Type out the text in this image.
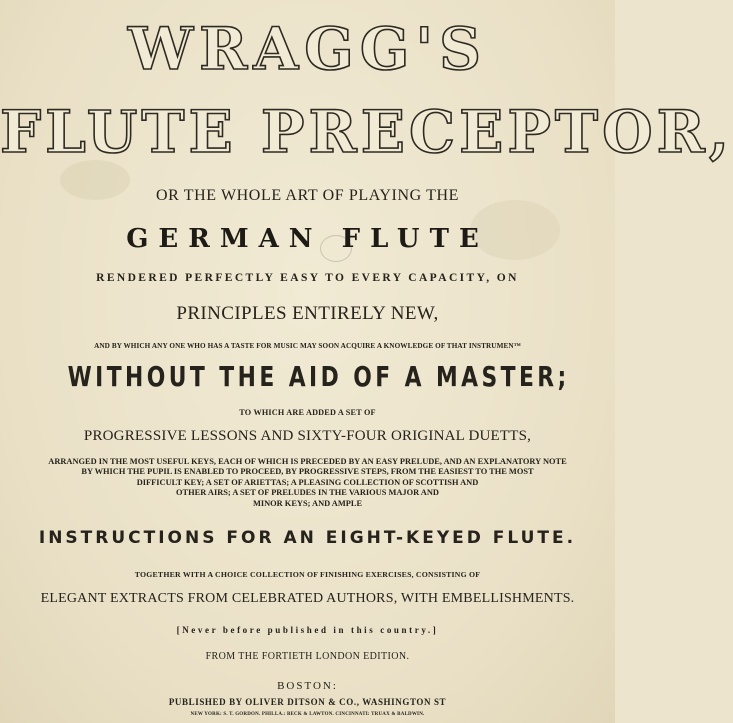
WRAGG'S
FLUTE PRECEPTOR,
OR THE WHOLE ART OF PLAYING THE
GERMAN FLUTE
RENDERED PERFECTLY EASY TO EVERY CAPACITY, ON
PRINCIPLES ENTIRELY NEW,
AND BY WHICH ANY ONE WHO HAS A TASTE FOR MUSIC MAY SOON ACQUIRE A KNOWLEDGE OF THAT INSTRUMEN™
WITHOUT THE AID OF A MASTER;
TO WHICH ARE ADDED A SET OF
PROGRESSIVE LESSONS AND SIXTY-FOUR ORIGINAL DUETTS,
ARRANGED IN THE MOST USEFUL KEYS, EACH OF WHICH IS PRECEDED BY AN EASY PRELUDE, AND AN EXPLANATORY NOTE
BY WHICH THE PUPIL IS ENABLED TO PROCEED, BY PROGRESSIVE STEPS, FROM THE EASIEST TO THE MOST
DIFFICULT KEY; A SET OF ARIETTAS; A PLEASING COLLECTION OF SCOTTISH AND
OTHER AIRS; A SET OF PRELUDES IN THE VARIOUS MAJOR AND
MINOR KEYS; AND AMPLE
INSTRUCTIONS FOR AN EIGHT-KEYED FLUTE.
TOGETHER WITH A CHOICE COLLECTION OF FINISHING EXERCISES, CONSISTING OF
ELEGANT EXTRACTS FROM CELEBRATED AUTHORS, WITH EMBELLISHMENTS.
[Never before published in this country.]
FROM THE FORTIETH LONDON EDITION.
BOSTON:
PUBLISHED BY OLIVER DITSON & CO., WASHINGTON ST
NEW YORK: S. T. GORDON. PHILLA.: BECK & LAWTON. CINCINNATI: TRUAX & BALDWIN.
